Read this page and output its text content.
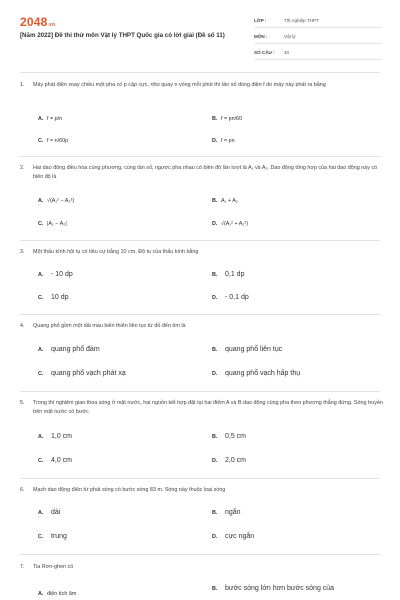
2048.vn
[Năm 2022] Đề thi thử môn Vật lý THPT Quốc gia có lời giải (Đề số 11)
LỚP :	Tốt nghiệp THPT
MÔN :	Vật lý
SỐ CÂU : 40
1. Máy phát điện xoay chiều một pha có p cặp cực, rôto quay n vòng mỗi phút thì tần số dòng điện f do máy này phát ra bằng
A. f = p/n	B. f = pn/60
C. f = n/60p	D. f = pn
2. Hai dao động điều hòa cùng phương, cùng tần số, ngược pha nhau có biên độ lần lượt là A₁ và A₂. Dao động tổng hợp của hai dao động này có biên độ là
A. √(A₁² − A₂²)	B. A₁ + A₂
C. |A₁ − A₂|	D. √(A₁² + A₂²)
3. Một thấu kính hội tụ có tiêu cự bằng 10 cm. Độ tụ của thấu kính bằng
A. - 10 dp	B. 0,1 dp
C. 10 dp	D. - 0,1 dp
4. Quang phổ gồm một dải màu biến thiên liên tục từ đỏ đến tím là
A. quang phổ đám	B. quang phổ liên tục
C. quang phổ vạch phát xạ	D. quang phổ vạch hấp thụ
5. Trong thí nghiệm giao thoa sóng ở mặt nước, hai nguồn kết hợp đặt tại hai điểm A và B dao động cùng pha theo phương thẳng đứng. Sóng truyền trên mặt nước có bước
A. 1,0 cm	B. 0,5 cm
C. 4,0 cm	D. 2,0 cm
6. Mạch dao động điện từ phát sóng có bước sóng 83 m. Sóng này thuộc loại sóng
A. dài	B. ngắn
C. trung	D. cực ngắn
7. Tia Rơn-ghen có
A. điện tích âm
B. bước sóng lớn hơn bước sóng của
